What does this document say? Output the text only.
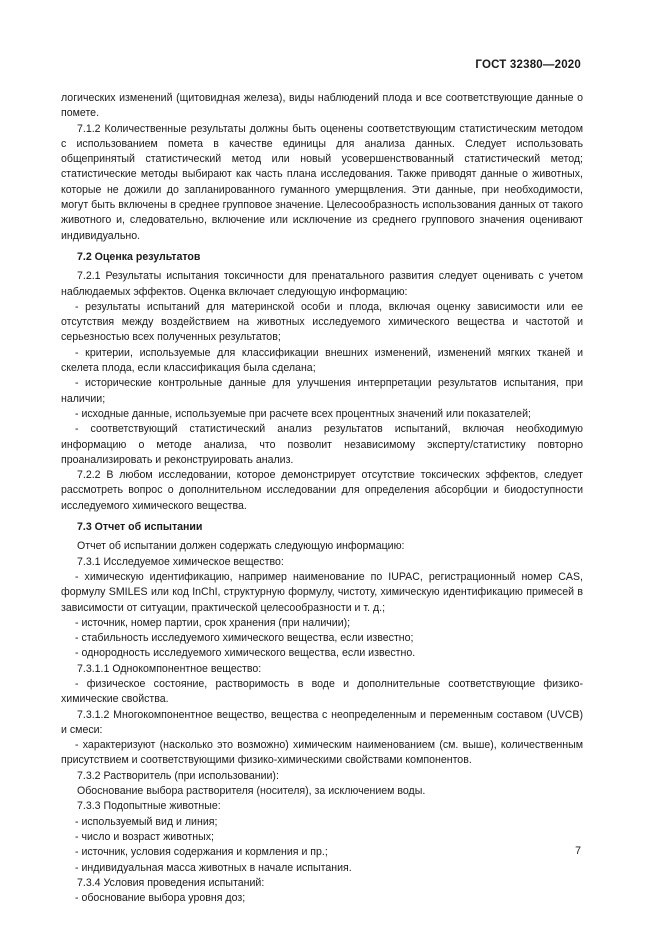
ГОСТ 32380—2020

логических изменений (щитовидная железа), виды наблюдений плода и все соответствующие данные о помете.

7.1.2 Количественные результаты должны быть оценены соответствующим статистическим методом с использованием помета в качестве единицы для анализа данных. Следует использовать общепринятый статистический метод или новый усовершенствованный статистический метод; статистические методы выбирают как часть плана исследования. Также приводят данные о животных, которые не дожили до запланированного гуманного умерщвления. Эти данные, при необходимости, могут быть включены в среднее групповое значение. Целесообразность использования данных от такого животного и, следовательно, включение или исключение из среднего группового значения оценивают индивидуально.

7.2 Оценка результатов

7.2.1 Результаты испытания токсичности для пренатального развития следует оценивать с учетом наблюдаемых эффектов. Оценка включает следующую информацию:

- результаты испытаний для материнской особи и плода, включая оценку зависимости или ее отсутствия между воздействием на животных исследуемого химического вещества и частотой и серьезностью всех полученных результатов;

- критерии, используемые для классификации внешних изменений, изменений мягких тканей и скелета плода, если классификация была сделана;

- исторические контрольные данные для улучшения интерпретации результатов испытания, при наличии;

- исходные данные, используемые при расчете всех процентных значений или показателей;

- соответствующий статистический анализ результатов испытаний, включая необходимую информацию о методе анализа, что позволит независимому эксперту/статистику повторно проанализировать и реконструировать анализ.

7.2.2 В любом исследовании, которое демонстрирует отсутствие токсических эффектов, следует рассмотреть вопрос о дополнительном исследовании для определения абсорбции и биодоступности исследуемого химического вещества.

7.3 Отчет об испытании

Отчет об испытании должен содержать следующую информацию:

7.3.1 Исследуемое химическое вещество:

- химическую идентификацию, например наименование по IUPAC, регистрационный номер CAS, формулу SMILES или код InChI, структурную формулу, чистоту, химическую идентификацию примесей в зависимости от ситуации, практической целесообразности и т. д.;

- источник, номер партии, срок хранения (при наличии);

- стабильность исследуемого химического вещества, если известно;

- однородность исследуемого химического вещества, если известно.

7.3.1.1 Однокомпонентное вещество:

- физическое состояние, растворимость в воде и дополнительные соответствующие физико-химические свойства.

7.3.1.2 Многокомпонентное вещество, вещества с неопределенным и переменным составом (UVCB) и смеси:

- характеризуют (насколько это возможно) химическим наименованием (см. выше), количественным присутствием и соответствующими физико-химическими свойствами компонентов.

7.3.2 Растворитель (при использовании):

Обоснование выбора растворителя (носителя), за исключением воды.

7.3.3 Подопытные животные:

- используемый вид и линия;

- число и возраст животных;

- источник, условия содержания и кормления и пр.;

- индивидуальная масса животных в начале испытания.

7.3.4 Условия проведения испытаний:

- обоснование выбора уровня доз;

7
